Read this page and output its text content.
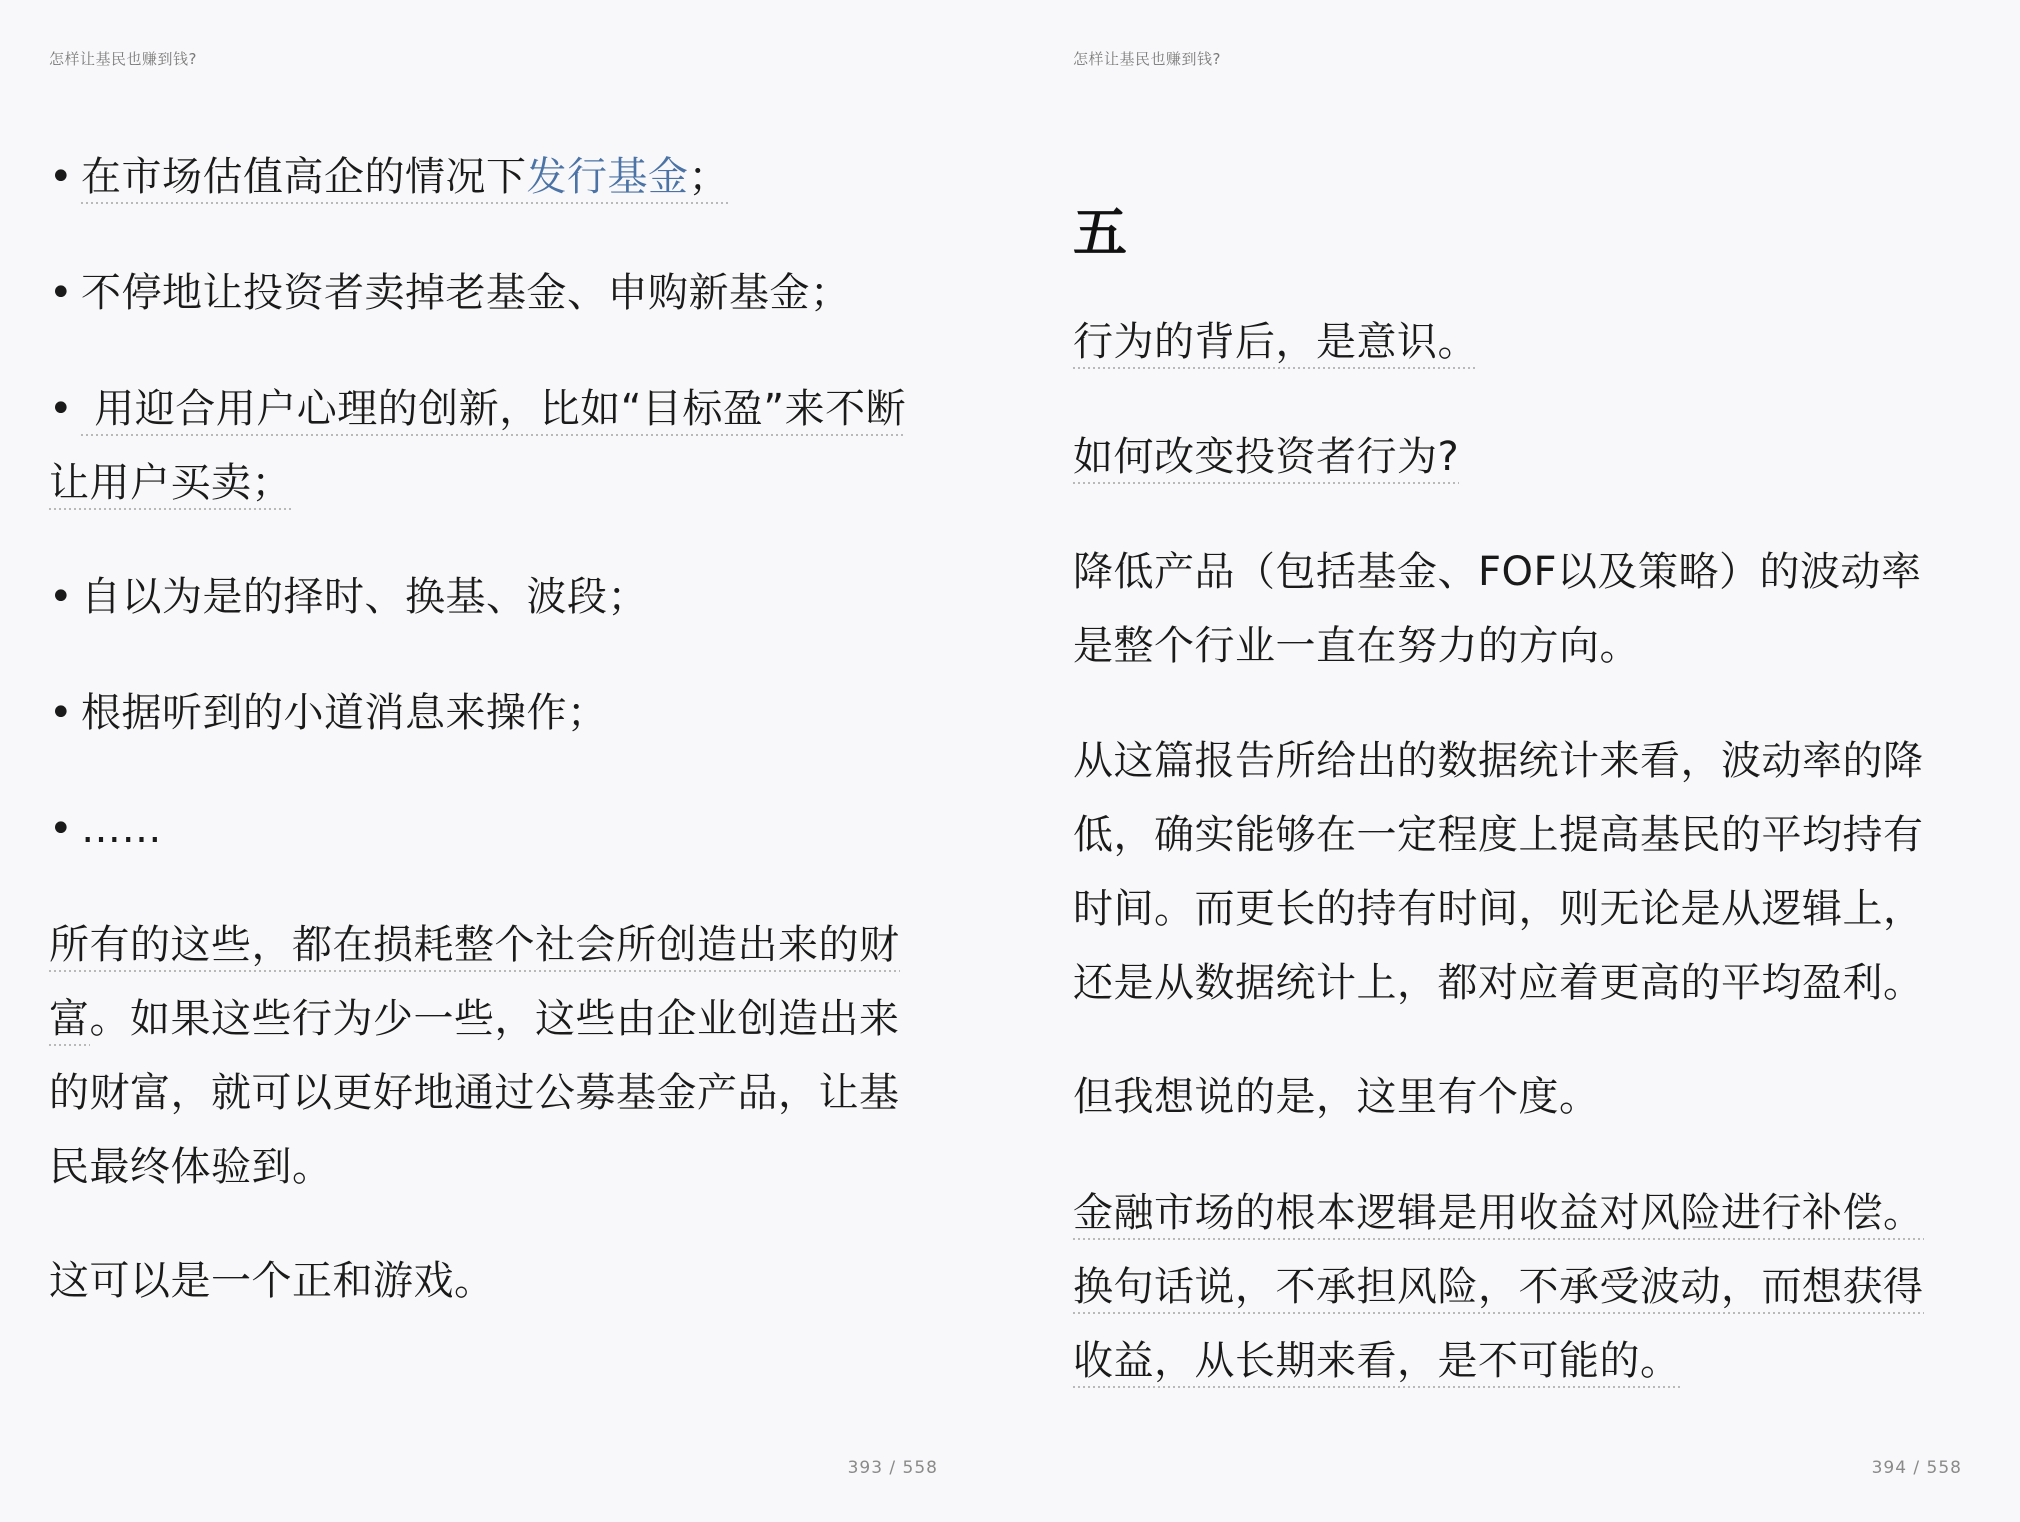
怎样让基民也赚到钱?
• 在市场估值高企的情况下发行基金；
• 不停地让投资者卖掉老基金、申购新基金；
• 用迎合用户心理的创新，比如“目标盈”来不断
让用户买卖；
• 自以为是的择时、换基、波段；
• 根据听到的小道消息来操作；
• ……
所有的这些，都在损耗整个社会所创造出来的财
富。如果这些行为少一些，这些由企业创造出来
的财富，就可以更好地通过公募基金产品，让基
民最终体验到。
这可以是一个正和游戏。
393 / 558
怎样让基民也赚到钱?
五
行为的背后，是意识。
如何改变投资者行为?
降低产品（包括基金、FOF以及策略）的波动率
是整个行业一直在努力的方向。
从这篇报告所给出的数据统计来看，波动率的降
低，确实能够在一定程度上提高基民的平均持有
时间。而更长的持有时间，则无论是从逻辑上，
还是从数据统计上，都对应着更高的平均盈利。
但我想说的是，这里有个度。
金融市场的根本逻辑是用收益对风险进行补偿。
换句话说，不承担风险，不承受波动，而想获得
收益，从长期来看，是不可能的。
394 / 558
